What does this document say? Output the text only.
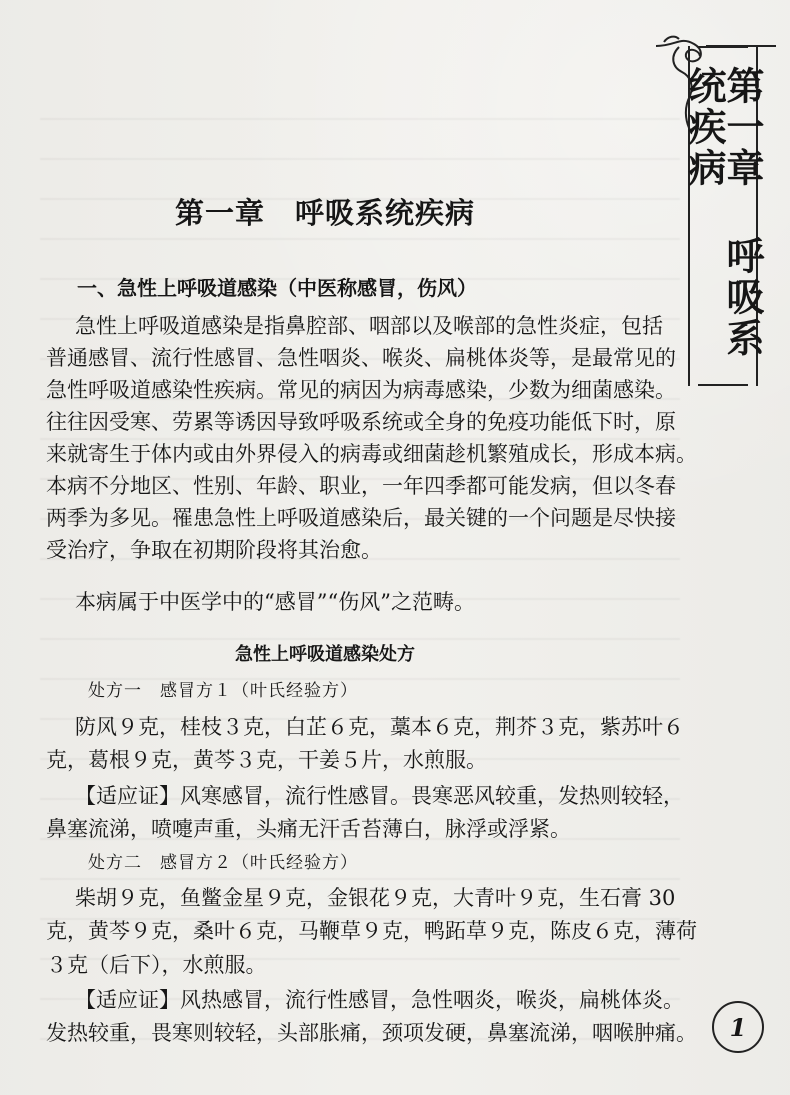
第一章 呼吸系统疾病
第一章　呼吸系统疾病
一、急性上呼吸道感染（中医称感冒，伤风）
急性上呼吸道感染是指鼻腔部、咽部以及喉部的急性炎症，包括
普通感冒、流行性感冒、急性咽炎、喉炎、扁桃体炎等，是最常见的
急性呼吸道感染性疾病。常见的病因为病毒感染，少数为细菌感染。
往往因受寒、劳累等诱因导致呼吸系统或全身的免疫功能低下时，原
来就寄生于体内或由外界侵入的病毒或细菌趁机繁殖成长，形成本病。
本病不分地区、性别、年龄、职业，一年四季都可能发病，但以冬春
两季为多见。罹患急性上呼吸道感染后，最关键的一个问题是尽快接
受治疗，争取在初期阶段将其治愈。
本病属于中医学中的“感冒”“伤风”之范畴。
急性上呼吸道感染处方
处方一　感冒方１（叶氏经验方）
防风９克，桂枝３克，白芷６克，藁本６克，荆芥３克，紫苏叶６
克，葛根９克，黄芩３克，干姜５片，水煎服。
【适应证】风寒感冒，流行性感冒。畏寒恶风较重，发热则较轻，
鼻塞流涕，喷嚏声重，头痛无汗舌苔薄白，脉浮或浮紧。
处方二　感冒方２（叶氏经验方）
柴胡９克，鱼鳖金星９克，金银花９克，大青叶９克，生石膏 30
克，黄芩９克，桑叶６克，马鞭草９克，鸭跖草９克，陈皮６克，薄荷
３克（后下），水煎服。
【适应证】风热感冒，流行性感冒，急性咽炎，喉炎，扁桃体炎。
发热较重，畏寒则较轻，头部胀痛，颈项发硬，鼻塞流涕，咽喉肿痛。 1
